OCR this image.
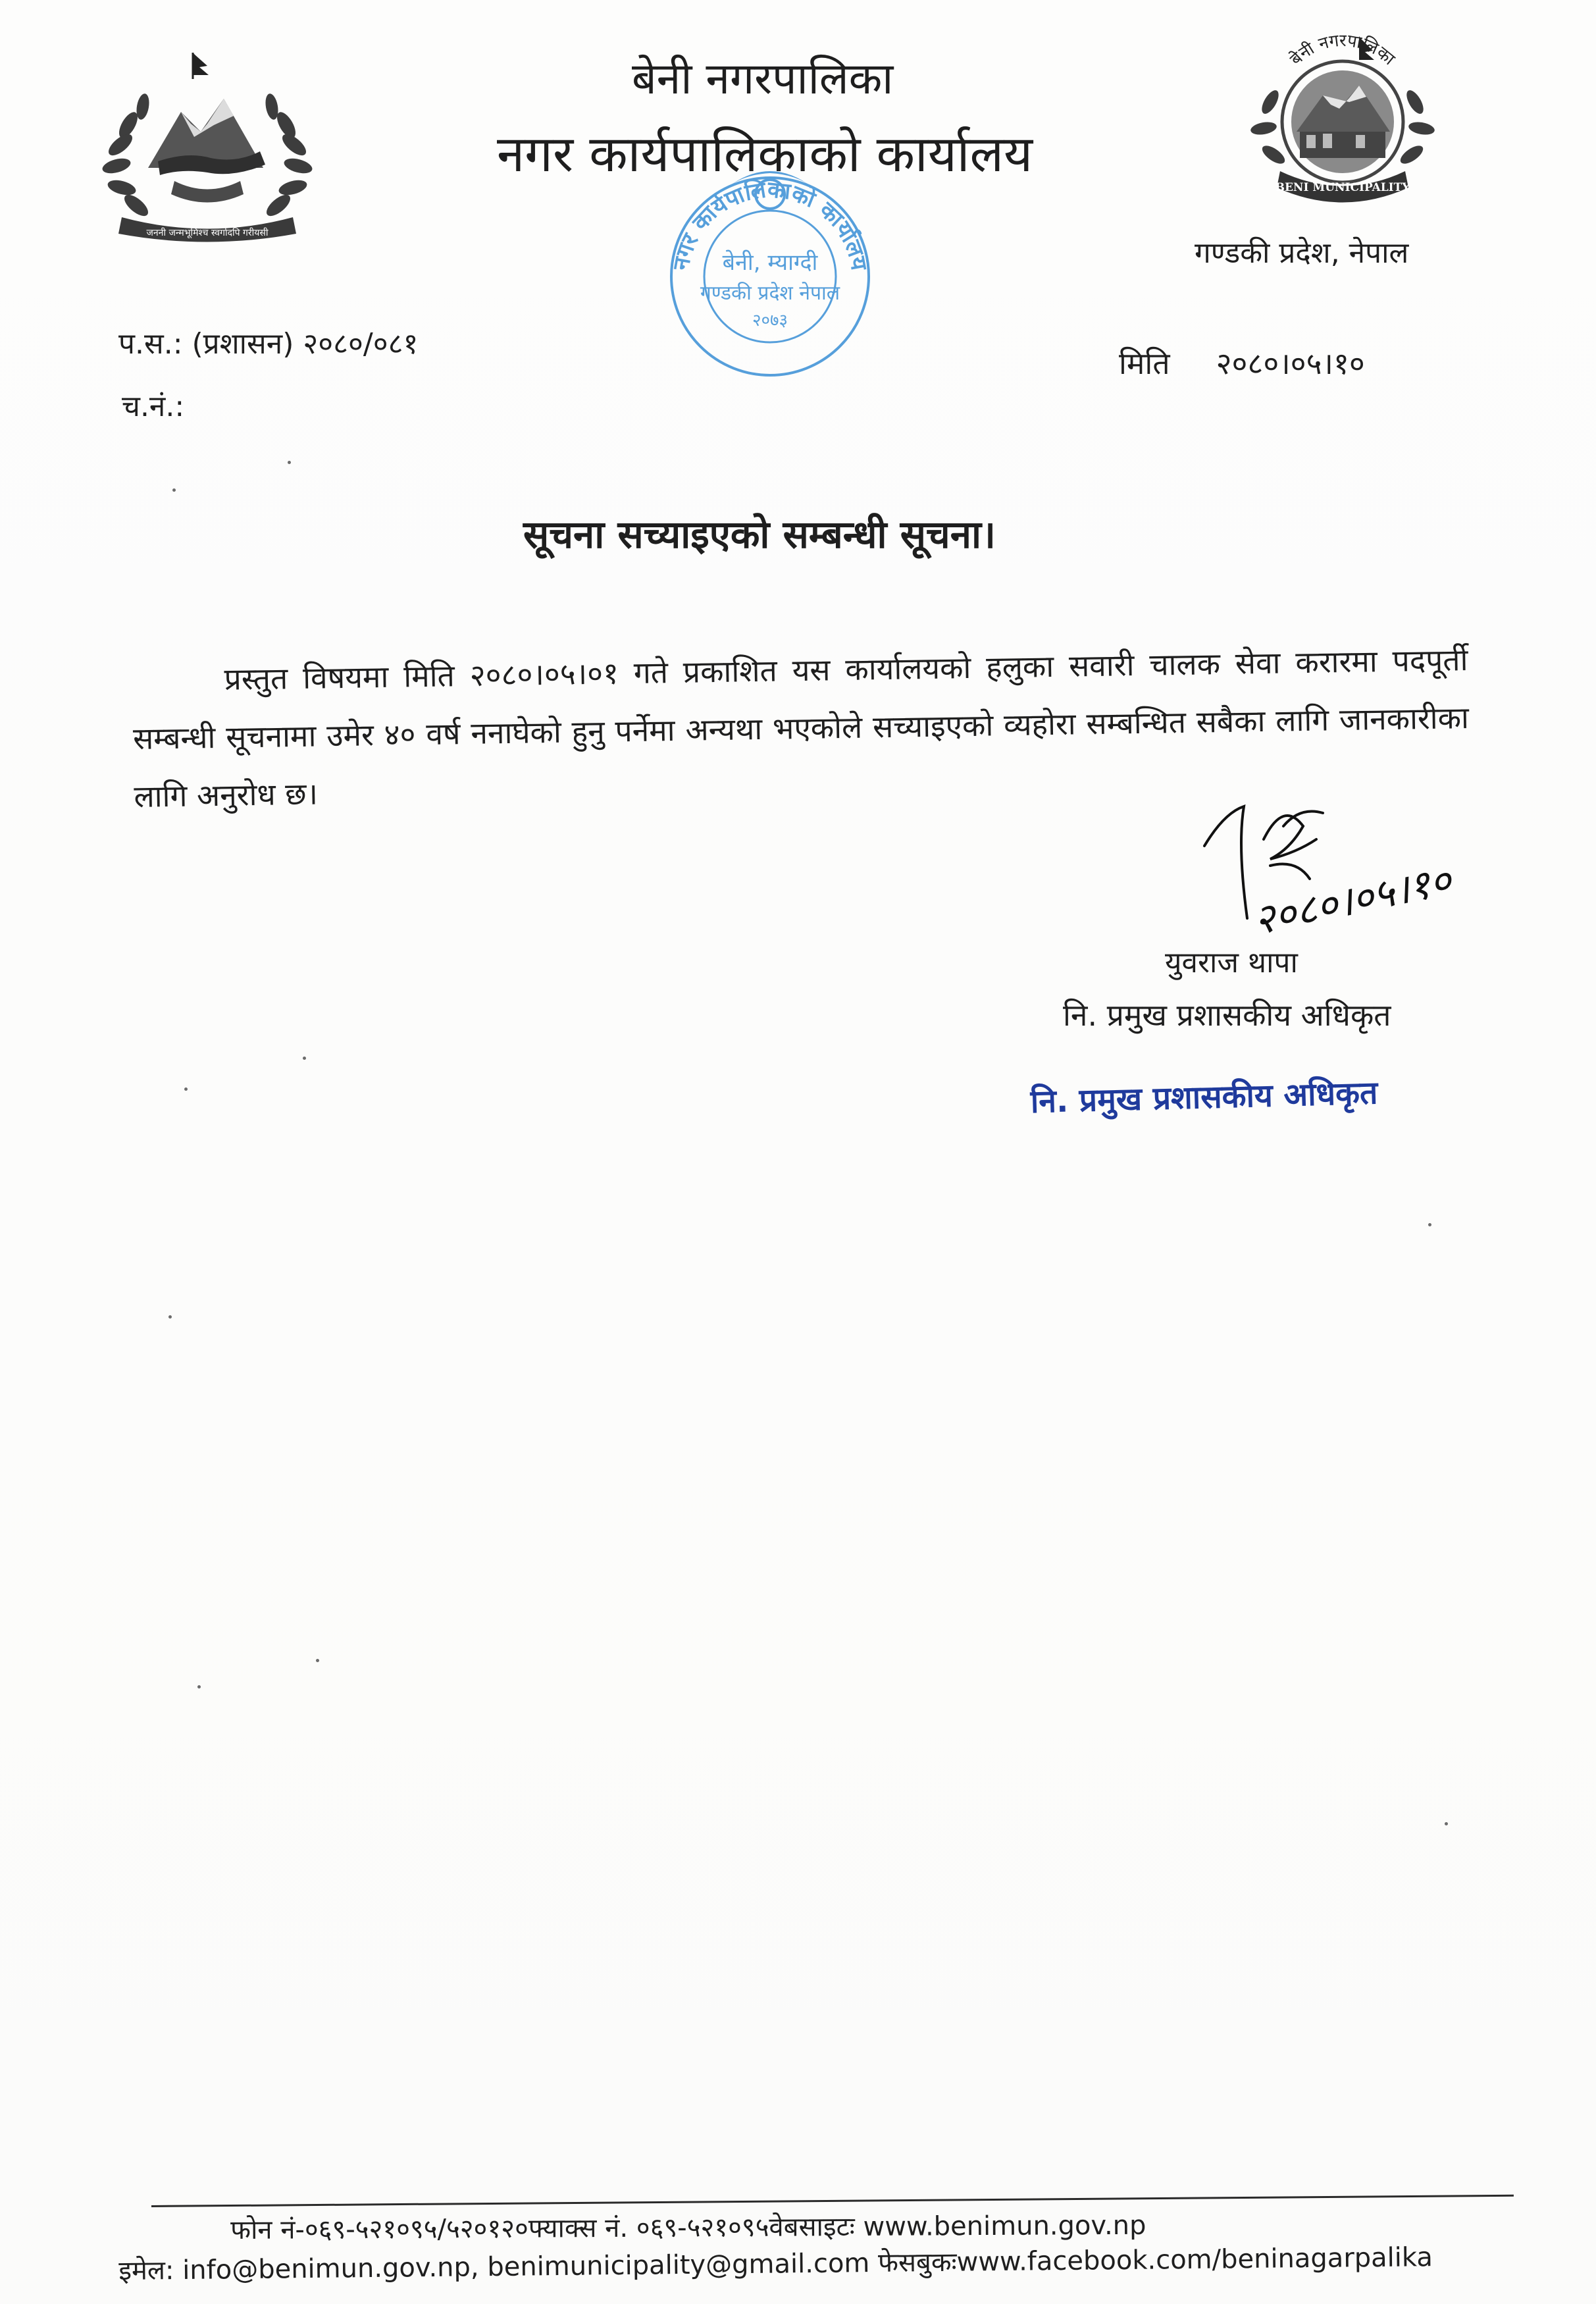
जननी जन्मभूमिश्च स्वर्गादपि गरीयसी
बेनी नगरपालिका
नगर कार्यपालिकाको कार्यालय
बेनी नगरपालिका
BENI MUNICIPALITY
गण्डकी प्रदेश, नेपाल
नगर कार्यपालिकाको कार्यालय
बेनी, म्याग्दी
गण्डकी प्रदेश नेपाल
२०७३
प.स.: (प्रशासन) २०८०/०८१
च.नं.:
मिति २०८०।०५।१०
सूचना सच्याइएको सम्बन्धी सूचना।
प्रस्तुत विषयमा मिति २०८०।०५।०१ गते प्रकाशित यस कार्यालयको हलुका सवारी चालक सेवा करारमा पदपूर्ती सम्बन्धी सूचनामा उमेर ४० वर्ष ननाघेको हुनु पर्नेमा अन्यथा भएकोले सच्याइएको व्यहोरा सम्बन्धित सबैका लागि जानकारीका लागि अनुरोध छ।
२०८०।०५।१०
युवराज थापा
नि. प्रमुख प्रशासकीय अधिकृत
नि. प्रमुख प्रशासकीय अधिकृत
फोन नं-०६९-५२१०९५/५२०१२०फ्याक्स नं. ०६९-५२१०९५वेबसाइटः www.benimun.gov.np
इमेल: info@benimun.gov.np, benimunicipality@gmail.com फेसबुकःwww.facebook.com/beninagarpalika
